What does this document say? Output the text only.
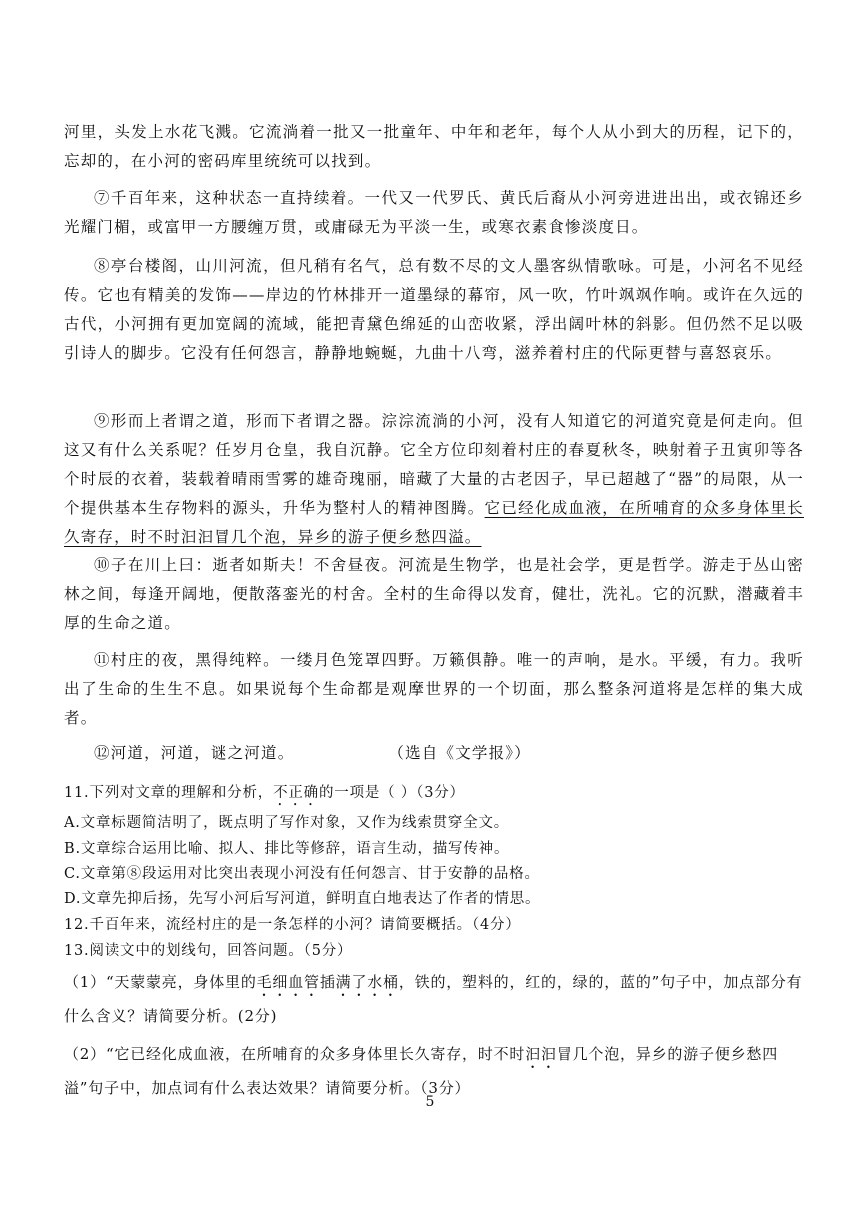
河里，头发上水花飞溅。它流淌着一批又一批童年、中年和老年，每个人从小到大的历程，记下的，忘却的，在小河的密码库里统统可以找到。

⑦千百年来，这种状态一直持续着。一代又一代罗氏、黄氏后裔从小河旁进进出出，或衣锦还乡光耀门楣，或富甲一方腰缠万贯，或庸碌无为平淡一生，或寒衣素食惨淡度日。

⑧亭台楼阁，山川河流，但凡稍有名气，总有数不尽的文人墨客纵情歌咏。可是，小河名不见经传。它也有精美的发饰——岸边的竹林排开一道墨绿的幕帘，风一吹，竹叶飒飒作响。或许在久远的古代，小河拥有更加宽阔的流域，能把青黛色绵延的山峦收紧，浮出阔叶林的斜影。但仍然不足以吸引诗人的脚步。它没有任何怨言，静静地蜿蜒，九曲十八弯，滋养着村庄的代际更替与喜怒哀乐。

⑨形而上者谓之道，形而下者谓之器。淙淙流淌的小河，没有人知道它的河道究竟是何走向。但这又有什么关系呢？任岁月仓皇，我自沉静。它全方位印刻着村庄的春夏秋冬，映射着子丑寅卯等各个时辰的衣着，装载着晴雨雪雾的雄奇瑰丽，暗藏了大量的古老因子，早已超越了“器”的局限，从一个提供基本生存物料的源头，升华为整村人的精神图腾。它已经化成血液，在所哺育的众多身体里长久寄存，时不时汩汩冒几个泡，异乡的游子便乡愁四溢。

⑩子在川上曰：逝者如斯夫！不舍昼夜。河流是生物学，也是社会学，更是哲学。游走于丛山密林之间，每逢开阔地，便散落銮光的村舍。全村的生命得以发育，健壮，洗礼。它的沉默，潜藏着丰厚的生命之道。

⑪村庄的夜，黑得纯粹。一缕月色笼罩四野。万籁俱静。唯一的声响，是水。平缓，有力。我听出了生命的生生不息。如果说每个生命都是观摩世界的一个切面，那么整条河道将是怎样的集大成者。

⑫河道，河道，谜之河道。	（选自《文学报》）

11.下列对文章的理解和分析，不正确的一项是（ ）（3分）

A.文章标题简洁明了，既点明了写作对象，又作为线索贯穿全文。

B.文章综合运用比喻、拟人、排比等修辞，语言生动，描写传神。

C.文章第⑧段运用对比突出表现小河没有任何怨言、甘于安静的品格。

D.文章先抑后扬，先写小河后写河道，鲜明直白地表达了作者的情思。

12.千百年来，流经村庄的是一条怎样的小河？请简要概括。（4分）

13.阅读文中的划线句，回答问题。（5分）

（1）“天蒙蒙亮，身体里的毛细血管插满了水桶，铁的，塑料的，红的，绿的，蓝的”句子中，加点部分有什么含义？请简要分析。(2分)

（2）“它已经化成血液，在所哺育的众多身体里长久寄存，时不时汩汩冒几个泡，异乡的游子便乡愁四溢”句子中，加点词有什么表达效果？请简要分析。（3分）

5
